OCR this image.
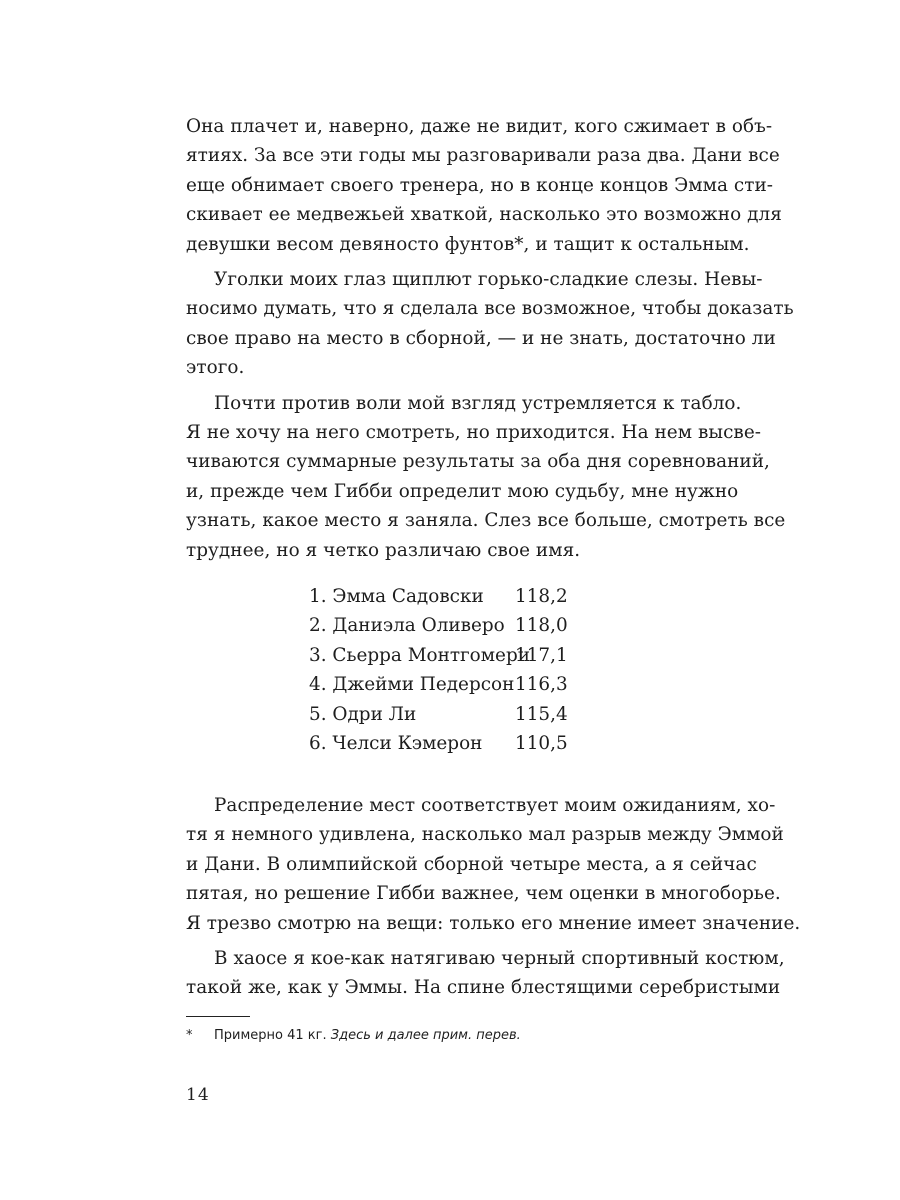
Она плачет и, наверно, даже не видит, кого сжимает в объ-
ятиях. За все эти годы мы разговаривали раза два. Дани все
еще обнимает своего тренера, но в конце концов Эмма сти-
скивает ее медвежьей хваткой, насколько это возможно для
девушки весом девяносто фунтов*, и тащит к остальным.
Уголки моих глаз щиплют горько-сладкие слезы. Невы-
носимо думать, что я сделала все возможное, чтобы доказать
свое право на место в сборной, — и не знать, достаточно ли
этого.
Почти против воли мой взгляд устремляется к табло.
Я не хочу на него смотреть, но приходится. На нем высве-
чиваются суммарные результаты за оба дня соревнований,
и, прежде чем Гибби определит мою судьбу, мне нужно
узнать, какое место я заняла. Слез все больше, смотреть все
труднее, но я четко различаю свое имя.
1. Эмма Садовски 118,2
2. Даниэла Оливеро 118,0
3. Сьерра Монтгомери
117,1
4. Джейми Педерсон 116,3
5. Одри Ли	115,4
6. Челси Кэмерон 110,5
Распределение мест соответствует моим ожиданиям, хо-
тя я немного удивлена, насколько мал разрыв между Эммой
и Дани. В олимпийской сборной четыре места, а я сейчас
пятая, но решение Гибби важнее, чем оценки в многоборье.
Я трезво смотрю на вещи: только его мнение имеет значение.
В хаосе я кое-как натягиваю черный спортивный костюм,
такой же, как у Эммы. На спине блестящими серебристыми
* Примерно 41 кг. Здесь и далее прим. перев.
14
